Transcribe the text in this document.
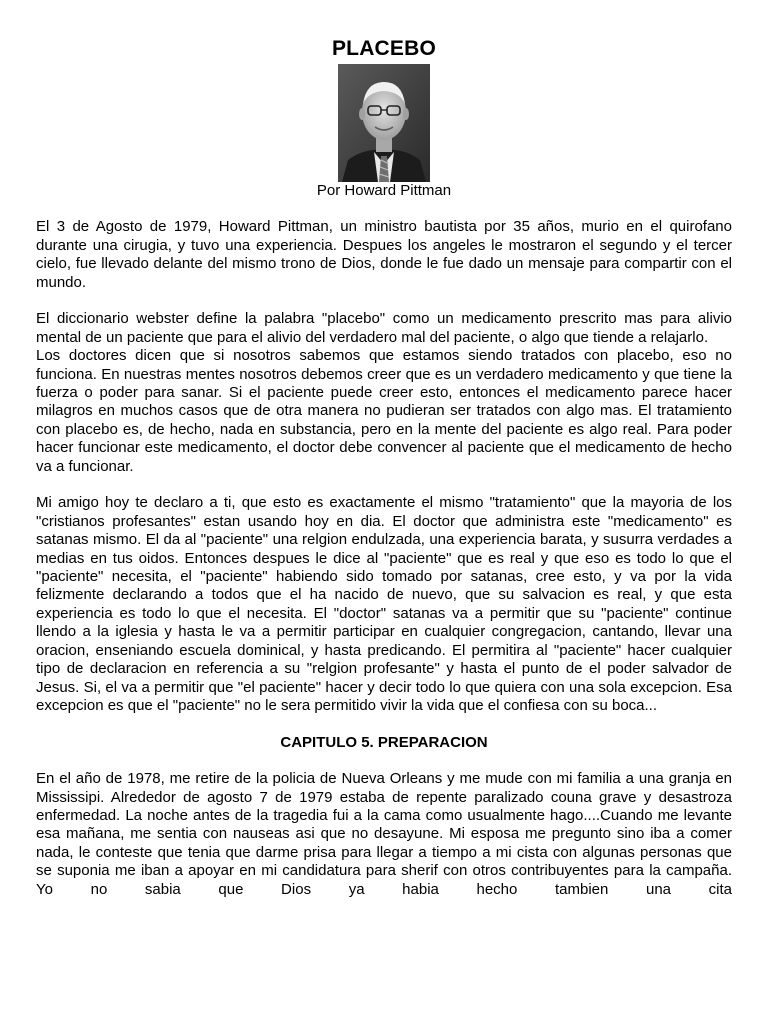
PLACEBO
Por Howard Pittman

El 3 de Agosto de 1979, Howard Pittman, un ministro bautista por 35 años, murio en el quirofano durante una cirugia, y tuvo una experiencia. Despues los angeles le mostraron el segundo y el tercer cielo, fue llevado delante del mismo trono de Dios, donde le fue dado un mensaje para compartir con el mundo.

El diccionario webster define la palabra "placebo" como un medicamento prescrito mas para alivio mental de un paciente que para el alivio del verdadero mal del paciente, o algo que tiende a relajarlo.

Los doctores dicen que si nosotros sabemos que estamos siendo tratados con placebo, eso no funciona. En nuestras mentes nosotros debemos creer que es un verdadero medicamento y que tiene la fuerza o poder para sanar. Si el paciente puede creer esto, entonces el medicamento parece hacer milagros en muchos casos que de otra manera no pudieran ser tratados con algo mas. El tratamiento con placebo es, de hecho, nada en substancia, pero en la mente del paciente es algo real. Para poder hacer funcionar este medicamento, el doctor debe convencer al paciente que el medicamento de hecho va a funcionar.

Mi amigo hoy te declaro a ti, que esto es exactamente el mismo "tratamiento" que la mayoria de los "cristianos profesantes" estan usando hoy en dia. El doctor que administra este "medicamento" es satanas mismo. El da al "paciente" una relgion endulzada, una experiencia barata, y susurra verdades a medias en tus oidos. Entonces despues le dice al "paciente" que es real y que eso es todo lo que el "paciente" necesita, el "paciente" habiendo sido tomado por satanas, cree esto, y va por la vida felizmente declarando a todos que el ha nacido de nuevo, que su salvacion es real, y que esta experiencia es todo lo que el necesita. El "doctor" satanas va a permitir que su "paciente" continue llendo a la iglesia y hasta le va a permitir participar en cualquier congregacion, cantando, llevar una oracion, enseniando escuela dominical, y hasta predicando. El permitira al "paciente" hacer cualquier tipo de declaracion en referencia a su "relgion profesante" y hasta el punto de el poder salvador de Jesus. Si, el va a permitir que "el paciente" hacer y decir todo lo que quiera con una sola excepcion. Esa excepcion es que el "paciente" no le sera permitido vivir la vida que el confiesa con su boca...

CAPITULO 5. PREPARACION

En el año de 1978, me retire de la policia de Nueva Orleans y me mude con mi familia a una granja en Mississipi. Alrededor de agosto 7 de 1979 estaba de repente paralizado couna grave y desastroza enfermedad. La noche antes de la tragedia fui a la cama como usualmente hago....Cuando me levante esa mañana, me sentia con nauseas asi que no desayune. Mi esposa me pregunto sino iba a comer nada, le conteste que tenia que darme prisa para llegar a tiempo a mi cista con algunas personas que se suponia me iban a apoyar en mi candidatura para sherif con otros contribuyentes para la campaña. Yo no sabia que Dios ya habia hecho tambien una cita
